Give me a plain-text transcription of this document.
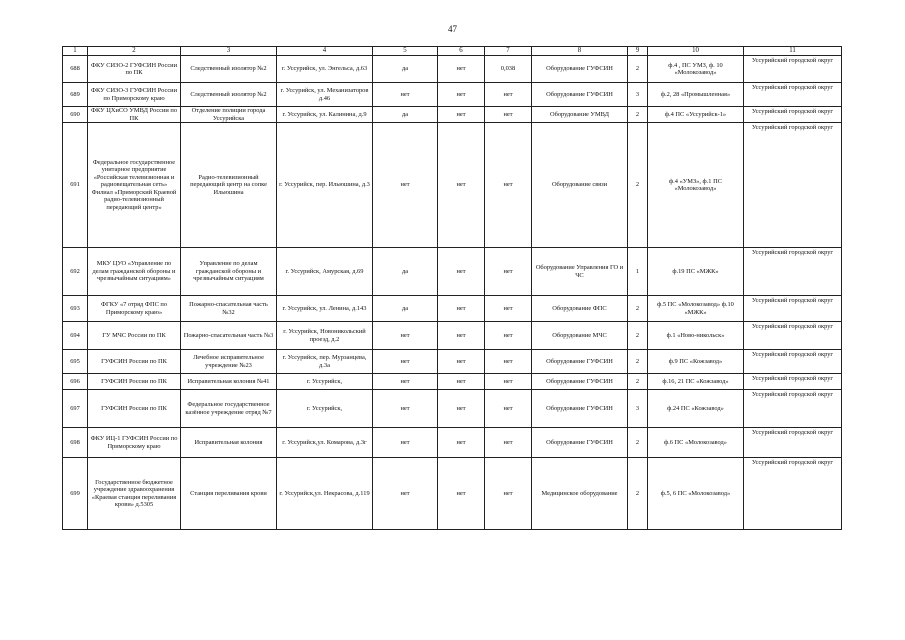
47
1	2	3	4	5	6	7	8	9	10	11
688	ФКУ СИЗО-2 ГУФСИН России по ПК	Следственный изолятор №2	г. Уссурийск, ул. Энгельса, д.63	да	нет	0,038	Оборудование ГУФСИН	2	ф.4 , ПС УМЗ, ф. 10 «Молокозавод»	Уссурийский городской округ
689	ФКУ СИЗО-3 ГУФСИН России по Приморскому краю	Следственный изолятор №2	г. Уссурийск, ул. Механизаторов д.46	нет	нет	нет	Оборудование ГУФСИН	3	ф.2, 28 «Промышленная»	Уссурийский городской округ
690	ФКУ ЦХиСО УМВД России по ПК	Отделение полиции города Уссурийска	г. Уссурийск, ул. Калинина, д.9	да	нет	нет	Оборудование УМВД	2	ф.4 ПС «Уссурийск-1»	Уссурийский городской округ
691	Федеральное государственное унитарное предприятие «Российская телевизионная и радиовещательная сеть» Филиал «Приморский Краевой радио-телевизионный передающий центр»	Радио-телевизионный передающий центр на сопке Ильюшина	г. Уссурийск, пер. Ильюшина, д.3	нет	нет	нет	Оборудование связи	2	ф.4 «УМЗ», ф.1 ПС «Молокозавод»	Уссурийский городской округ
692	МКУ ЦУО «Управление по делам гражданской обороны и чрезвычайным ситуациям»	Управление по делам гражданской обороны и чрезвычайным ситуациям	г. Уссурийск, Амурская, д.69	да	нет	нет	Оборудование Управления ГО и ЧС	1	ф.19 ПС «МЖК»	Уссурийский городской округ
693	ФГКУ «7 отряд ФПС по Приморскому краю»	Пожарно-спасательная часть №32	г. Уссурийск, ул. Ленина, д.143	да	нет	нет	Оборудование ФПС	2	ф.5 ПС «Молокозавод» ф.10 «МЖК»	Уссурийский городской округ
694	ГУ МЧС России по ПК	Пожарно-спасательная часть №3	г. Уссурийск, Новоникольский проезд, д.2	нет	нет	нет	Оборудование МЧС	2	ф.1 «Ново-никольск»	Уссурийский городской округ
695	ГУФСИН России по ПК	Лечебное исправительное учреждение №23	г. Уссурийск, пер. Мурзанцева, д.3а	нет	нет	нет	Оборудование ГУФСИН	2	ф.9 ПС «Кожзавод»	Уссурийский городской округ
696	ГУФСИН России по ПК	Исправительная колония №41	г. Уссурийск,	нет	нет	нет	Оборудование ГУФСИН	2	ф.16, 21 ПС «Кожзавод»	Уссурийский городской округ
697	ГУФСИН России по ПК	Федеральное государственное казённое учреждение отряд №7	г. Уссурийск,	нет	нет	нет	Оборудование ГУФСИН	3	ф.24 ПС «Кожзавод»	Уссурийский городской округ
698	ФКУ ИЦ-1 ГУФСИН России по Приморскому краю	Исправительная колония	г. Уссурийск,ул. Комарова, д.3г	нет	нет	нет	Оборудование ГУФСИН	2	ф.6 ПС «Молокозавод»	Уссурийский городской округ
699	Государственное бюджетное учреждение здравоохранения «Краевая станция переливания крови» д.5305	Станция переливания крови	г. Уссурийск,ул. Некрасова, д.119	нет	нет	нет	Медицинское оборудование	2	ф.5, 6 ПС «Молокозавод»	Уссурийский городской округ
